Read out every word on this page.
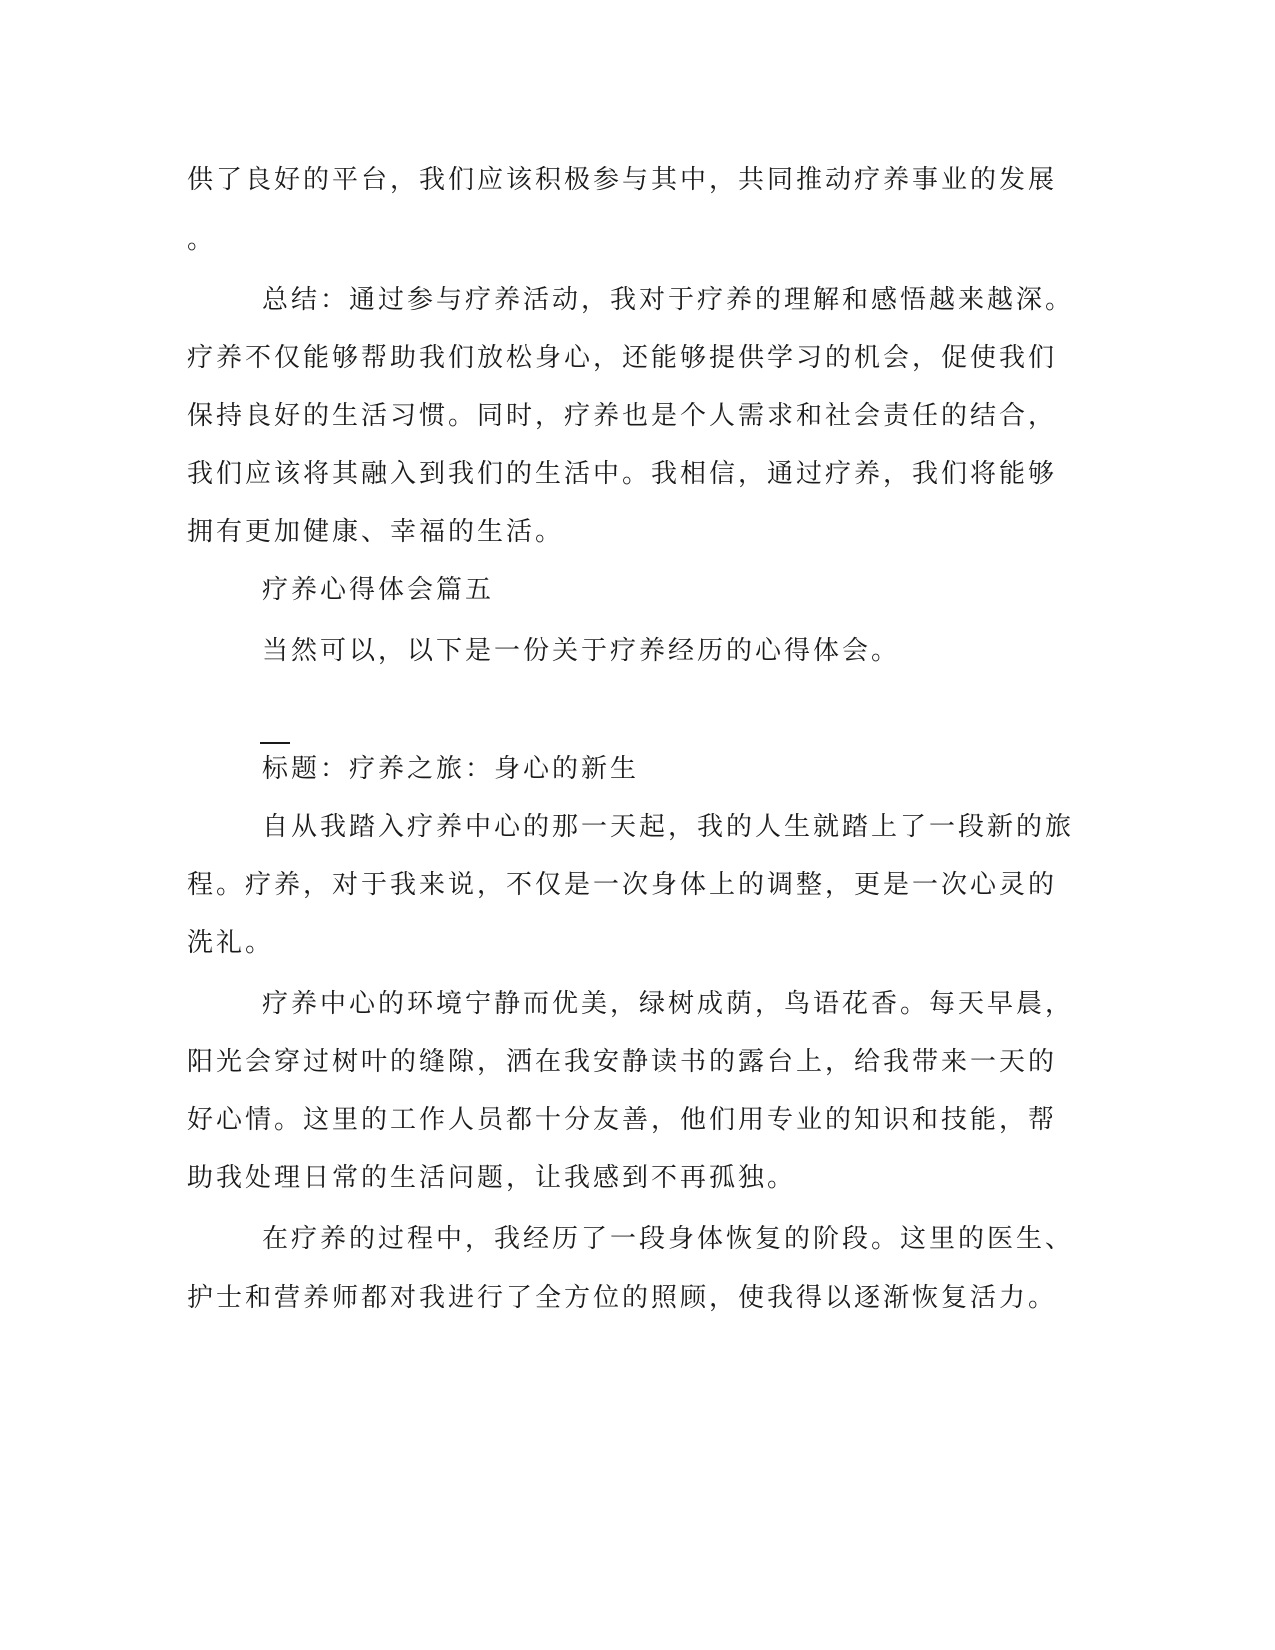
供了良好的平台，我们应该积极参与其中，共同推动疗养事业的发展
。
总结：通过参与疗养活动，我对于疗养的理解和感悟越来越深。
疗养不仅能够帮助我们放松身心，还能够提供学习的机会，促使我们
保持良好的生活习惯。同时，疗养也是个人需求和社会责任的结合，
我们应该将其融入到我们的生活中。我相信，通过疗养，我们将能够
拥有更加健康、幸福的生活。
疗养心得体会篇五
当然可以，以下是一份关于疗养经历的心得体会。
标题：疗养之旅：身心的新生
自从我踏入疗养中心的那一天起，我的人生就踏上了一段新的旅
程。疗养，对于我来说，不仅是一次身体上的调整，更是一次心灵的
洗礼。
疗养中心的环境宁静而优美，绿树成荫，鸟语花香。每天早晨，
阳光会穿过树叶的缝隙，洒在我安静读书的露台上，给我带来一天的
好心情。这里的工作人员都十分友善，他们用专业的知识和技能，帮
助我处理日常的生活问题，让我感到不再孤独。
在疗养的过程中，我经历了一段身体恢复的阶段。这里的医生、
护士和营养师都对我进行了全方位的照顾，使我得以逐渐恢复活力。
